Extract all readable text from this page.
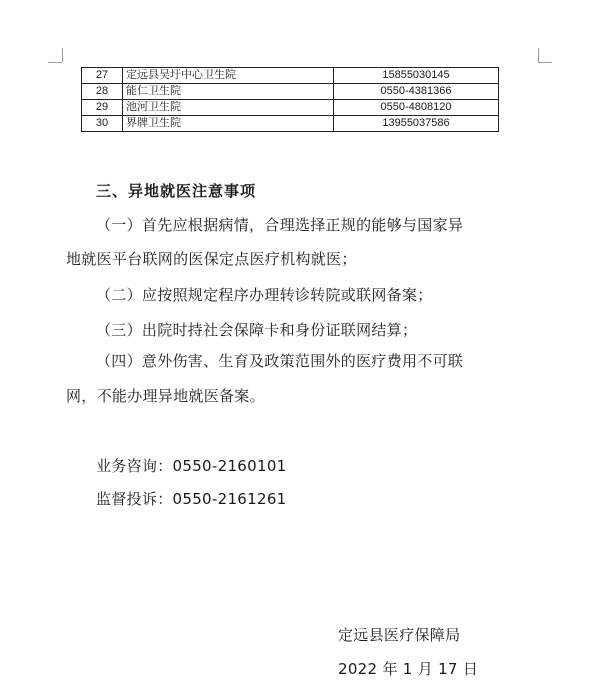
27	定远县吴圩中心卫生院	15855030145
28	能仁卫生院	0550-4381366
29	池河卫生院	0550-4808120
30	界牌卫生院	13955037586
三、异地就医注意事项
（一）首先应根据病情，合理选择正规的能够与国家异
地就医平台联网的医保定点医疗机构就医；
（二）应按照规定程序办理转诊转院或联网备案；
（三）出院时持社会保障卡和身份证联网结算；
（四）意外伤害、生育及政策范围外的医疗费用不可联
网，不能办理异地就医备案。
业务咨询：0550-2160101
监督投诉：0550-2161261
定远县医疗保障局
2022 年 1 月 17 日
